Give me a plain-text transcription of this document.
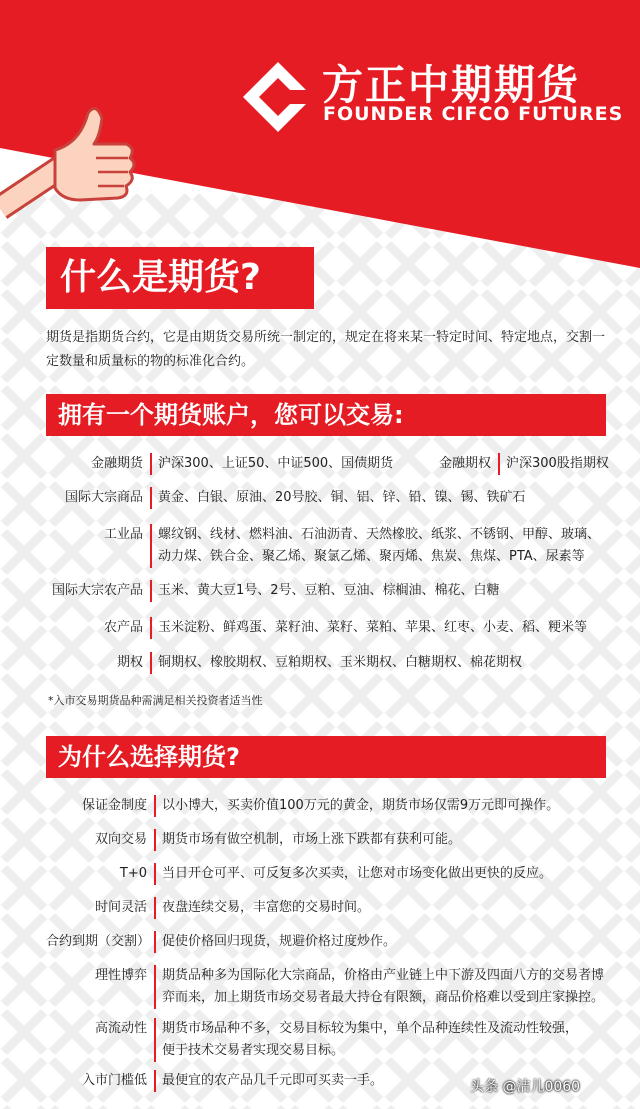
方正中期期货
FOUNDER CIFCO FUTURES
什么是期货?
期货是指期货合约，它是由期货交易所统一制定的，规定在将来某一特定时间、特定地点，交割一定数量和质量标的物的标准化合约。
拥有一个期货账户，您可以交易:
金融期货	沪深300、上证50、中证500、国债期货	金融期权	沪深300股指期权
国际大宗商品	黄金、白银、原油、20号胶、铜、铝、锌、铅、镍、锡、铁矿石
工业品	螺纹钢、线材、燃料油、石油沥青、天然橡胶、纸浆、不锈钢、甲醇、玻璃、
动力煤、铁合金、聚乙烯、聚氯乙烯、聚丙烯、焦炭、焦煤、PTA、尿素等
国际大宗农产品	玉米、黄大豆1号、2号、豆粕、豆油、棕榈油、棉花、白糖
农产品	玉米淀粉、鲜鸡蛋、菜籽油、菜籽、菜粕、苹果、红枣、小麦、稻、粳米等
期权	铜期权、橡胶期权、豆粕期权、玉米期权、白糖期权、棉花期权
*入市交易期货品种需满足相关投资者适当性
为什么选择期货?
保证金制度	以小博大，买卖价值100万元的黄金，期货市场仅需9万元即可操作。
双向交易	期货市场有做空机制，市场上涨下跌都有获利可能。
T+0	当日开仓可平、可反复多次买卖，让您对市场变化做出更快的反应。
时间灵活	夜盘连续交易，丰富您的交易时间。
合约到期（交割） 促使价格回归现货，规避价格过度炒作。
理性博弈	期货品种多为国际化大宗商品，价格由产业链上中下游及四面八方的交易者博
弈而来，加上期货市场交易者最大持仓有限额，商品价格难以受到庄家操控。
高流动性	期货市场品种不多，交易目标较为集中，单个品种连续性及流动性较强，
便于技术交易者实现交易目标。
入市门槛低	最便宜的农产品几千元即可买卖一手。	头条 @洁儿0060
